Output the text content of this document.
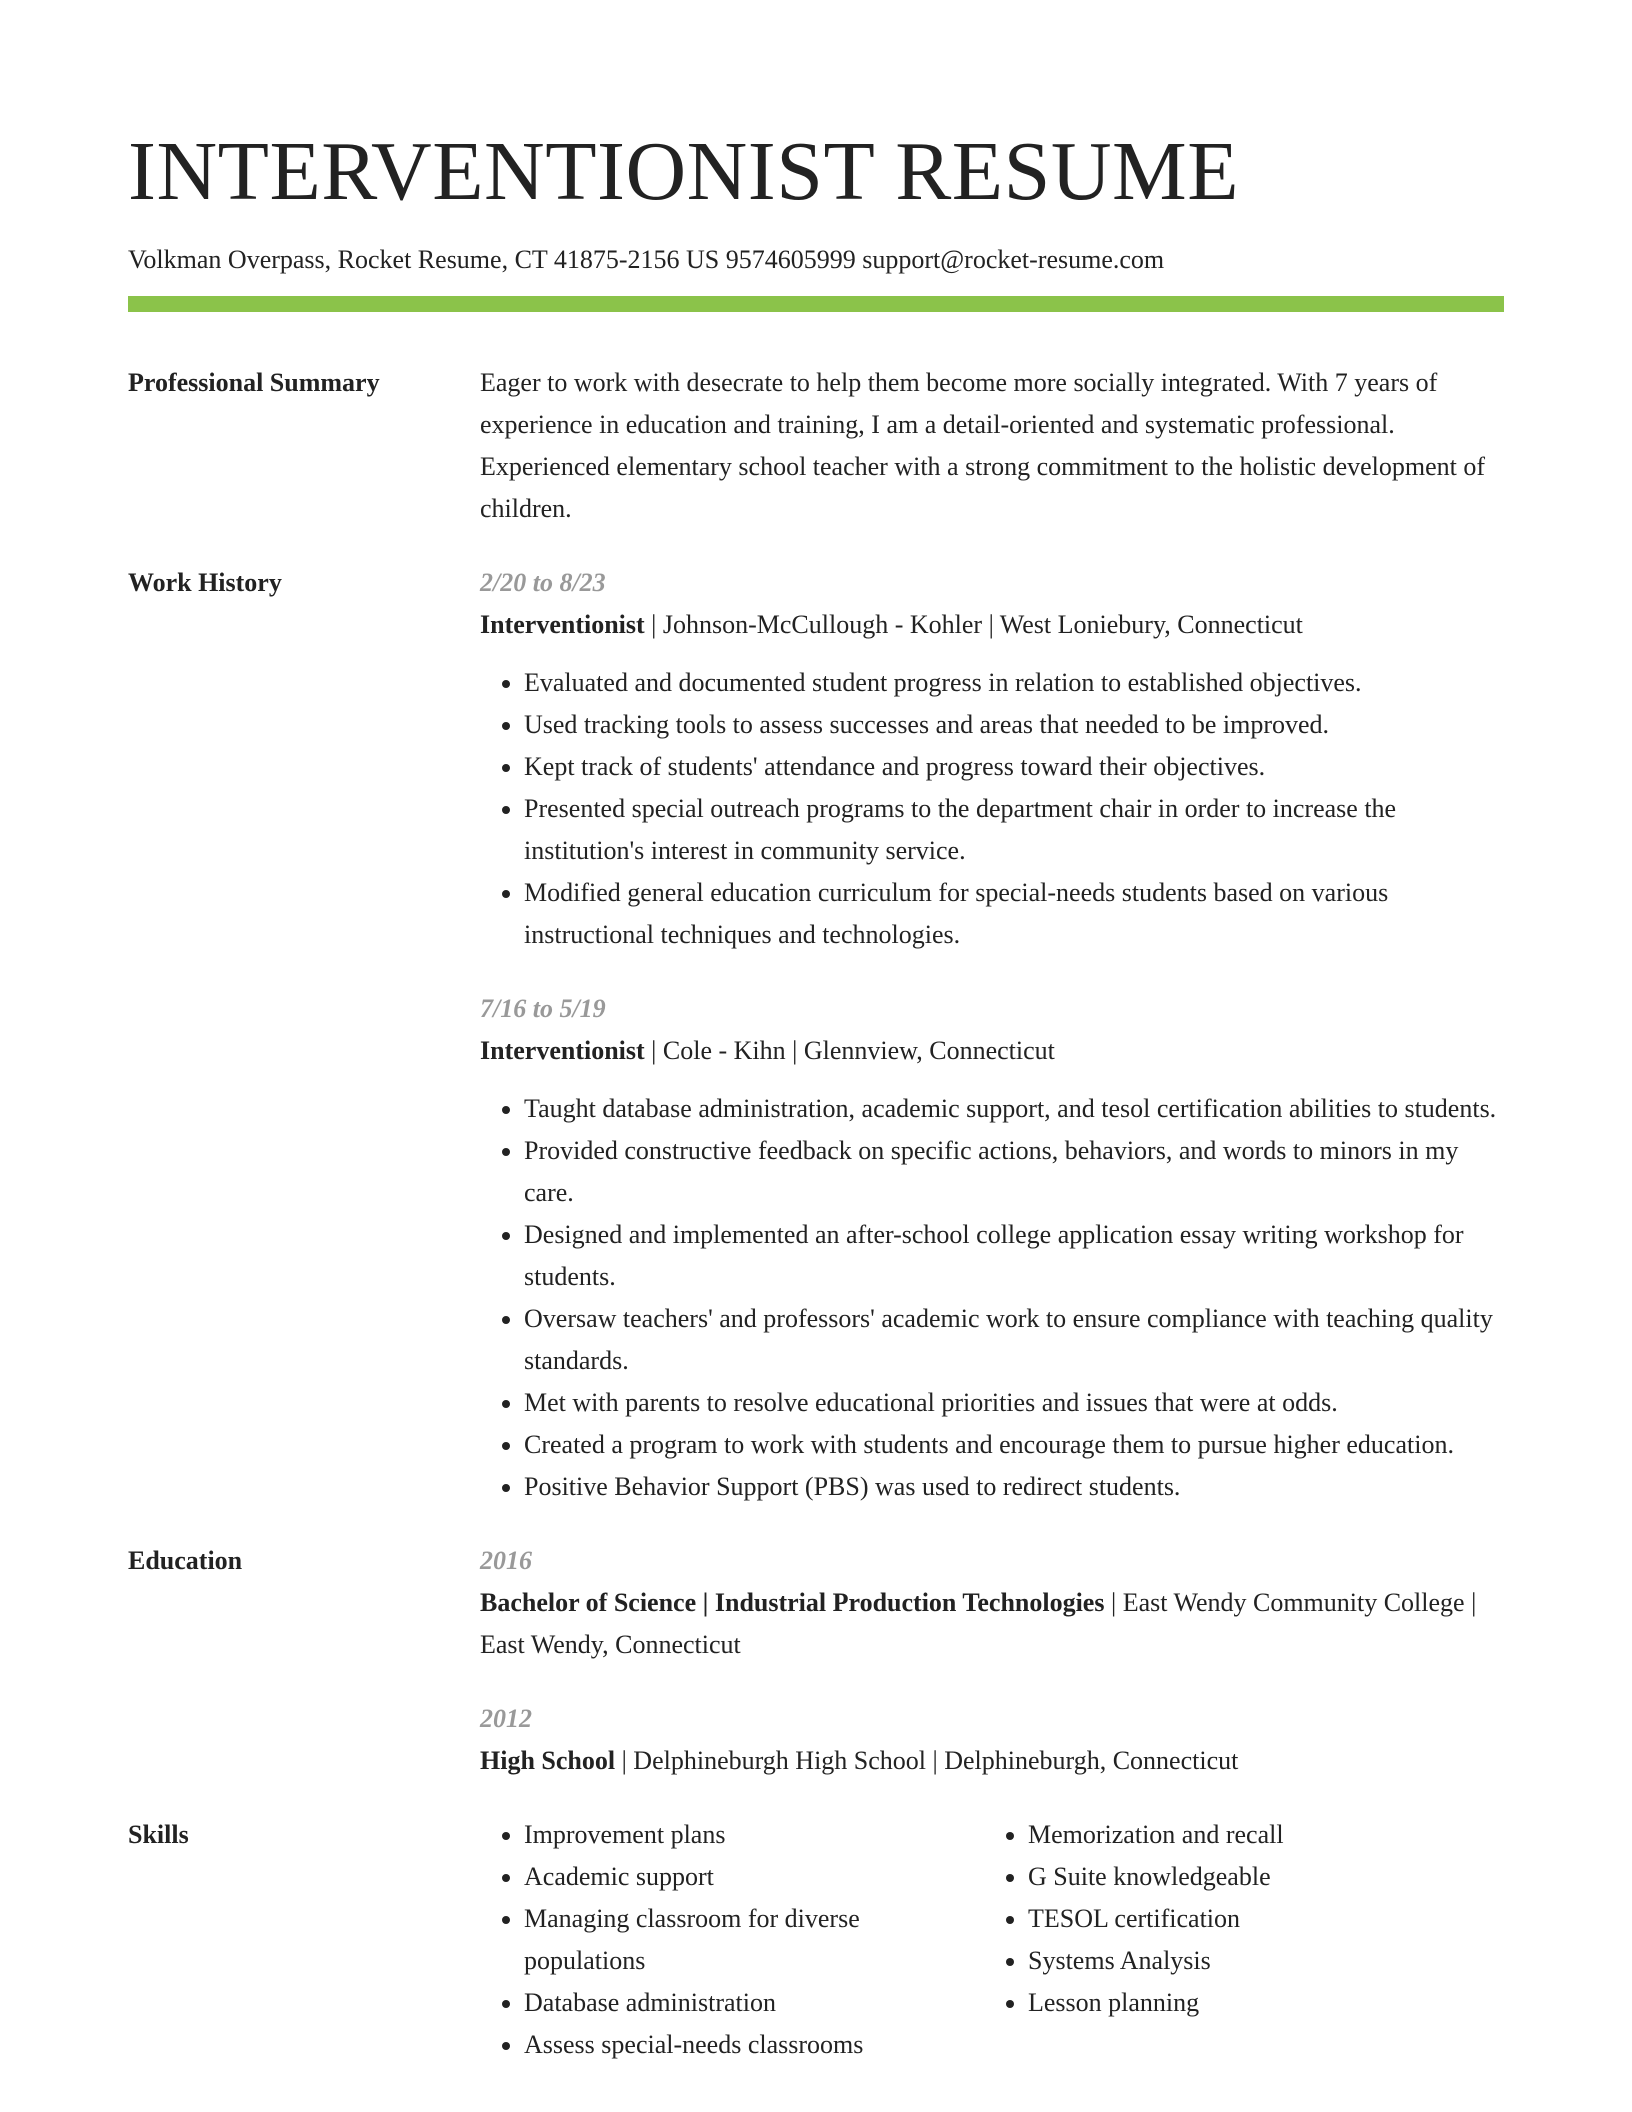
INTERVENTIONIST RESUME
Volkman Overpass, Rocket Resume, CT 41875-2156 US 9574605999 support@rocket-resume.com
Professional Summary	Eager to work with desecrate to help them become more socially integrated. With 7 years of experience in education and training, I am a detail-oriented and systematic professional. Experienced elementary school teacher with a strong commitment to the holistic development of children.
Work History	2/20 to 8/23
Interventionist | Johnson-McCullough - Kohler | West Loniebury, Connecticut
• Evaluated and documented student progress in relation to established objectives.
• Used tracking tools to assess successes and areas that needed to be improved.
• Kept track of students' attendance and progress toward their objectives.
• Presented special outreach programs to the department chair in order to increase the institution's interest in community service.
• Modified general education curriculum for special-needs students based on various instructional techniques and technologies.
7/16 to 5/19
Interventionist | Cole - Kihn | Glennview, Connecticut
• Taught database administration, academic support, and tesol certification abilities to students.
• Provided constructive feedback on specific actions, behaviors, and words to minors in my care.
• Designed and implemented an after-school college application essay writing workshop for students.
• Oversaw teachers' and professors' academic work to ensure compliance with teaching quality standards.
• Met with parents to resolve educational priorities and issues that were at odds.
• Created a program to work with students and encourage them to pursue higher education.
• Positive Behavior Support (PBS) was used to redirect students.
Education	2016
Bachelor of Science | Industrial Production Technologies | East Wendy Community College | East Wendy, Connecticut
2012
High School | Delphineburgh High School | Delphineburgh, Connecticut
Skills
•	Improvement plans
• Academic support
• Managing classroom for diverse populations
• Database administration
• Assess special-needs classrooms
• Memorization and recall
• G Suite knowledgeable
• TESOL certification
• Systems Analysis
• Lesson planning
